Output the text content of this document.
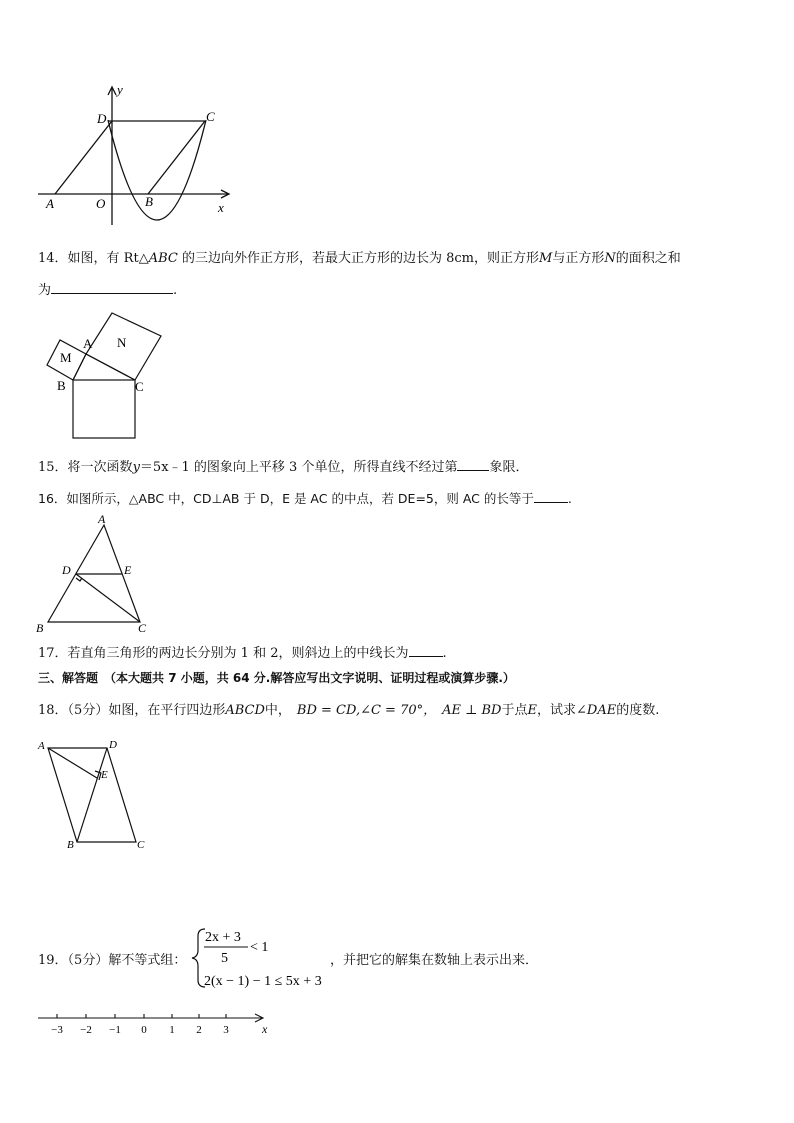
y
x
D	C
A	O	B
14．如图，有 Rt△ABC 的三边向外作正方形，若最大正方形的边长为 8cm，则正方形M与正方形N的面积之和
为	.
M
A N
B	C
15．将一次函数y＝5x﹣1 的图象向上平移 3 个单位，所得直线不经过第 象限．
16．如图所示，△ABC 中，CD⊥AB 于 D，E 是 AC 的中点，若 DE=5，则 AC 的长等于	.
A
D	E
B	C
17．若直角三角形的两边长分别为 1 和 2，则斜边上的中线长为	.
三、解答题 （本大题共 7 小题，共 64 分.解答应写出文字说明、证明过程或演算步骤.）
18．（5分）如图，在平行四边形ABCD中， BD = CD,∠C = 70°， AE ⊥ BD于点E，试求∠DAE的度数.
A	D
E
B	C
19．（5分）解不等式组：
2x + 3
5
< 1
2(x − 1) − 1 ≤ 5x + 3
，并把它的解集在数轴上表示出来．
−3 −2 −1 0 1 2 3	x
